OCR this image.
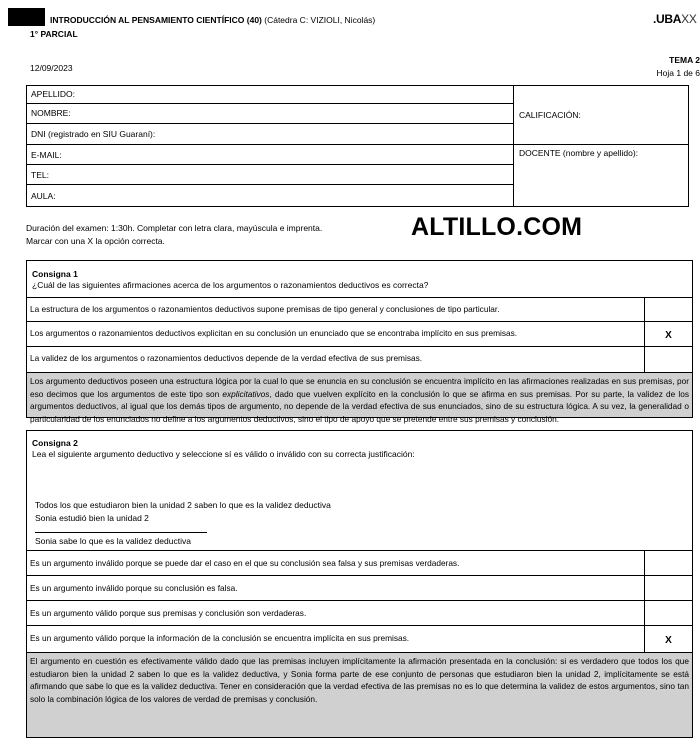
INTRODUCCIÓN AL PENSAMIENTO CIENTÍFICO (40) (Cátedra C: VIZIOLI, Nicolás)
1° PARCIAL
.UBAXX
12/09/2023
TEMA 2
Hoja 1 de 6
APELLIDO:
NOMBRE:
DNI (registrado en SIU Guaraní):
E-MAIL:
TEL:
AULA:
CALIFICACIÓN:
DOCENTE (nombre y apellido):
Duración del examen: 1:30h. Completar con letra clara, mayúscula e imprenta.
Marcar con una X la opción correcta.	ALTILLO.COM
Consigna 1
¿Cuál de las siguientes afirmaciones acerca de los argumentos o razonamientos deductivos es correcta?
La estructura de los argumentos o razonamientos deductivos supone premisas de tipo general y conclusiones de tipo particular.
Los argumentos o razonamientos deductivos explicitan en su conclusión un enunciado que se encontraba implícito en sus premisas.	X
La validez de los argumentos o razonamientos deductivos depende de la verdad efectiva de sus premisas.
Los argumento deductivos poseen una estructura lógica por la cual lo que se enuncia en su conclusión se encuentra implícito en las afirmaciones realizadas en sus premisas, por eso decimos que los argumentos de este tipo son explicitativos, dado que vuelven explícito en la conclusión lo que se afirma en sus premisas. Por su parte, la validez de los argumentos deductivos, al igual que los demás tipos de argumento, no depende de la verdad efectiva de sus enunciados, sino de su estructura lógica. A su vez, la generalidad o particularidad de los enunciados no define a los argumentos deductivos, sino el tipo de apoyo que se pretende entre sus premisas y conclusión.
Consigna 2
Lea el siguiente argumento deductivo y seleccione sí es válido o inválido con su correcta justificación:
Todos los que estudiaron bien la unidad 2 saben lo que es la validez deductiva
Sonia estudió bien la unidad 2
Sonia sabe lo que es la validez deductiva
Es un argumento inválido porque se puede dar el caso en el que su conclusión sea falsa y sus premisas verdaderas.
Es un argumento inválido porque su conclusión es falsa.
Es un argumento válido porque sus premisas y conclusión son verdaderas.
Es un argumento válido porque la información de la conclusión se encuentra implícita en sus premisas.	X
El argumento en cuestión es efectivamente válido dado que las premisas incluyen implícitamente la afirmación presentada en la conclusión: si es verdadero que todos los que estudiaron bien la unidad 2 saben lo que es la validez deductiva, y Sonia forma parte de ese conjunto de personas que estudiaron bien la unidad 2, implícitamente se está afirmando que sabe lo que es la validez deductiva. Tener en consideración que la verdad efectiva de las premisas no es lo que determina la validez de estos argumentos, sino tan solo la combinación lógica de los valores de verdad de premisas y conclusión.
